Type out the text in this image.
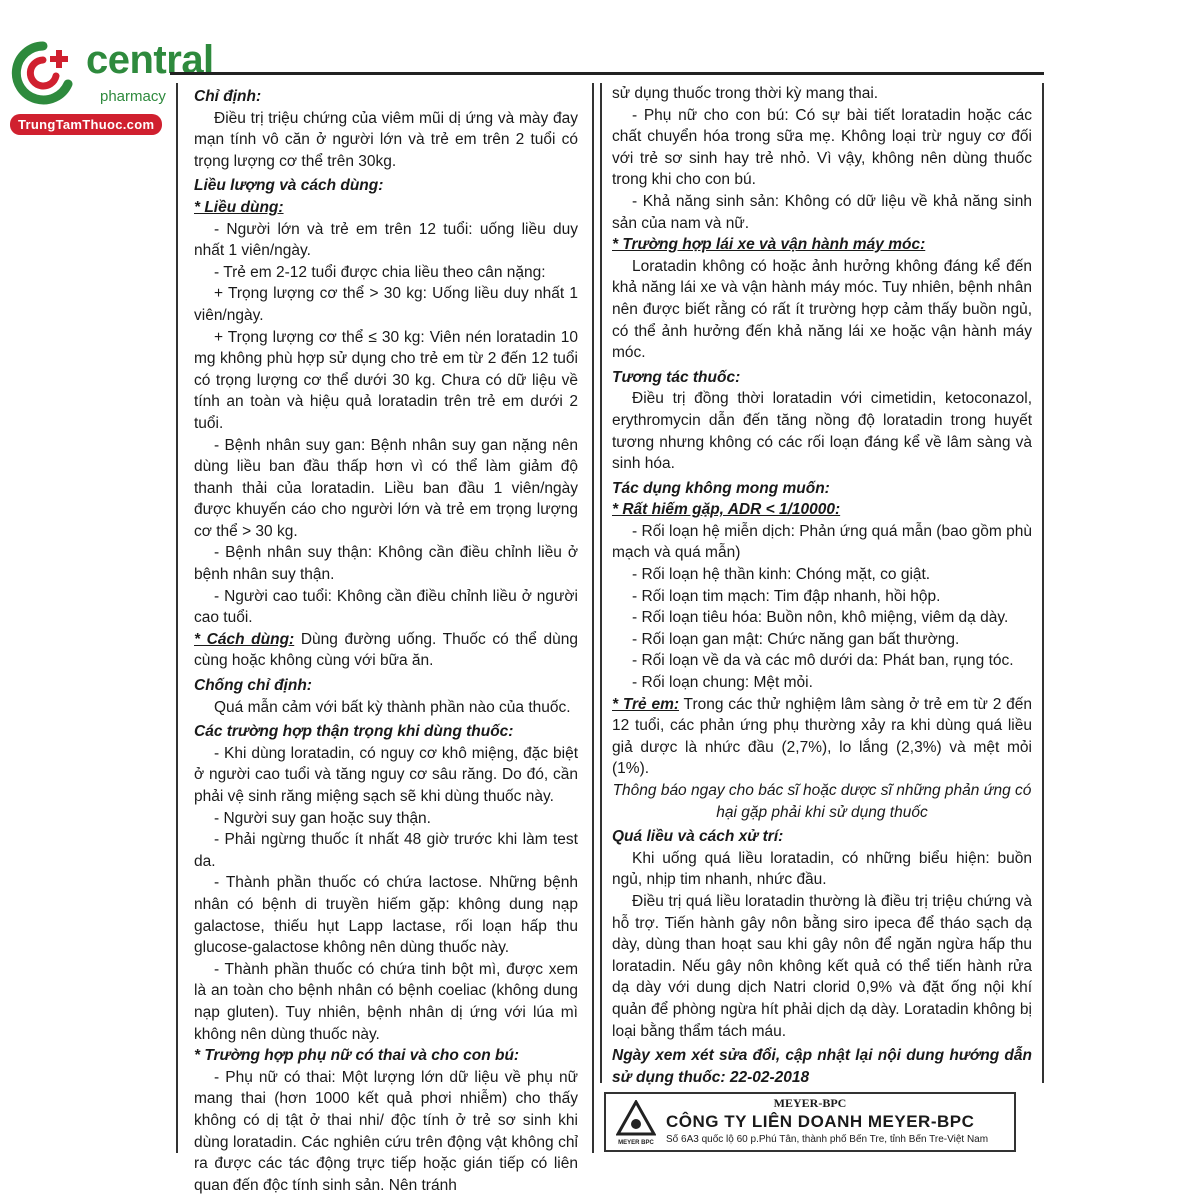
central
pharmacy
TrungTamThuoc.com

Chỉ định:

Điều trị triệu chứng của viêm mũi dị ứng và mày đay mạn tính vô căn ở người lớn và trẻ em trên 2 tuổi có trọng lượng cơ thể trên 30kg.

Liều lượng và cách dùng:

* Liều dùng:

- Người lớn và trẻ em trên 12 tuổi: uống liều duy nhất 1 viên/ngày.

- Trẻ em 2-12 tuổi được chia liều theo cân nặng:

+ Trọng lượng cơ thể > 30 kg: Uống liều duy nhất 1 viên/ngày.

+ Trọng lượng cơ thể ≤ 30 kg: Viên nén loratadin 10 mg không phù hợp sử dụng cho trẻ em từ 2 đến 12 tuổi có trọng lượng cơ thể dưới 30 kg. Chưa có dữ liệu về tính an toàn và hiệu quả loratadin trên trẻ em dưới 2 tuổi.

- Bệnh nhân suy gan: Bệnh nhân suy gan nặng nên dùng liều ban đầu thấp hơn vì có thể làm giảm độ thanh thải của loratadin. Liều ban đầu 1 viên/ngày được khuyến cáo cho người lớn và trẻ em trọng lượng cơ thể > 30 kg.

- Bệnh nhân suy thận: Không cần điều chỉnh liều ở bệnh nhân suy thận.

- Người cao tuổi: Không cần điều chỉnh liều ở người cao tuổi.

* Cách dùng: Dùng đường uống. Thuốc có thể dùng cùng hoặc không cùng với bữa ăn.

Chống chỉ định:

Quá mẫn cảm với bất kỳ thành phần nào của thuốc.

Các trường hợp thận trọng khi dùng thuốc:

- Khi dùng loratadin, có nguy cơ khô miệng, đặc biệt ở người cao tuổi và tăng nguy cơ sâu răng. Do đó, cần phải vệ sinh răng miệng sạch sẽ khi dùng thuốc này.

- Người suy gan hoặc suy thận.

- Phải ngừng thuốc ít nhất 48 giờ trước khi làm test da.

- Thành phần thuốc có chứa lactose. Những bệnh nhân có bệnh di truyền hiếm gặp: không dung nạp galactose, thiếu hụt Lapp lactase, rối loạn hấp thu glucose-galactose không nên dùng thuốc này.

- Thành phần thuốc có chứa tinh bột mì, được xem là an toàn cho bệnh nhân có bệnh coeliac (không dung nạp gluten). Tuy nhiên, bệnh nhân dị ứng với lúa mì không nên dùng thuốc này.

* Trường hợp phụ nữ có thai và cho con bú:

- Phụ nữ có thai: Một lượng lớn dữ liệu về phụ nữ mang thai (hơn 1000 kết quả phơi nhiễm) cho thấy không có dị tật ở thai nhi/ độc tính ở trẻ sơ sinh khi dùng loratadin. Các nghiên cứu trên động vật không chỉ ra được các tác động trực tiếp hoặc gián tiếp có liên quan đến độc tính sinh sản. Nên tránh

sử dụng thuốc trong thời kỳ mang thai.

- Phụ nữ cho con bú: Có sự bài tiết loratadin hoặc các chất chuyển hóa trong sữa mẹ. Không loại trừ nguy cơ đối với trẻ sơ sinh hay trẻ nhỏ. Vì vậy, không nên dùng thuốc trong khi cho con bú.

- Khả năng sinh sản: Không có dữ liệu về khả năng sinh sản của nam và nữ.

* Trường hợp lái xe và vận hành máy móc:

Loratadin không có hoặc ảnh hưởng không đáng kể đến khả năng lái xe và vận hành máy móc. Tuy nhiên, bệnh nhân nên được biết rằng có rất ít trường hợp cảm thấy buồn ngủ, có thể ảnh hưởng đến khả năng lái xe hoặc vận hành máy móc.

Tương tác thuốc:

Điều trị đồng thời loratadin với cimetidin, ketoconazol, erythromycin dẫn đến tăng nồng độ loratadin trong huyết tương nhưng không có các rối loạn đáng kể về lâm sàng và sinh hóa.

Tác dụng không mong muốn:

* Rất hiếm gặp, ADR < 1/10000:

- Rối loạn hệ miễn dịch: Phản ứng quá mẫn (bao gồm phù mạch và quá mẫn)

- Rối loạn hệ thần kinh: Chóng mặt, co giật.

- Rối loạn tim mạch: Tim đập nhanh, hồi hộp.

- Rối loạn tiêu hóa: Buồn nôn, khô miệng, viêm dạ dày.

- Rối loạn gan mật: Chức năng gan bất thường.

- Rối loạn về da và các mô dưới da: Phát ban, rụng tóc.

- Rối loạn chung: Mệt mỏi.

* Trẻ em: Trong các thử nghiệm lâm sàng ở trẻ em từ 2 đến 12 tuổi, các phản ứng phụ thường xảy ra khi dùng quá liều giả dược là nhức đầu (2,7%), lo lắng (2,3%) và mệt mỏi (1%).

Thông báo ngay cho bác sĩ hoặc dược sĩ những phản ứng có hại gặp phải khi sử dụng thuốc

Quá liều và cách xử trí:

Khi uống quá liều loratadin, có những biểu hiện: buồn ngủ, nhịp tim nhanh, nhức đầu.

Điều trị quá liều loratadin thường là điều trị triệu chứng và hỗ trợ. Tiến hành gây nôn bằng siro ipeca để tháo sạch dạ dày, dùng than hoạt sau khi gây nôn để ngăn ngừa hấp thu loratadin. Nếu gây nôn không kết quả có thể tiến hành rửa dạ dày với dung dịch Natri clorid 0,9% và đặt ống nội khí quản để phòng ngừa hít phải dịch dạ dày. Loratadin không bị loại bằng thẩm tách máu.

Ngày xem xét sửa đổi, cập nhật lại nội dung hướng dẫn sử dụng thuốc: 22-02-2018

MEYER BPC
MEYER-BPC
CÔNG TY LIÊN DOANH MEYER-BPC
Số 6A3 quốc lộ 60 p.Phú Tân, thành phố Bến Tre, tỉnh Bến Tre-Việt Nam
